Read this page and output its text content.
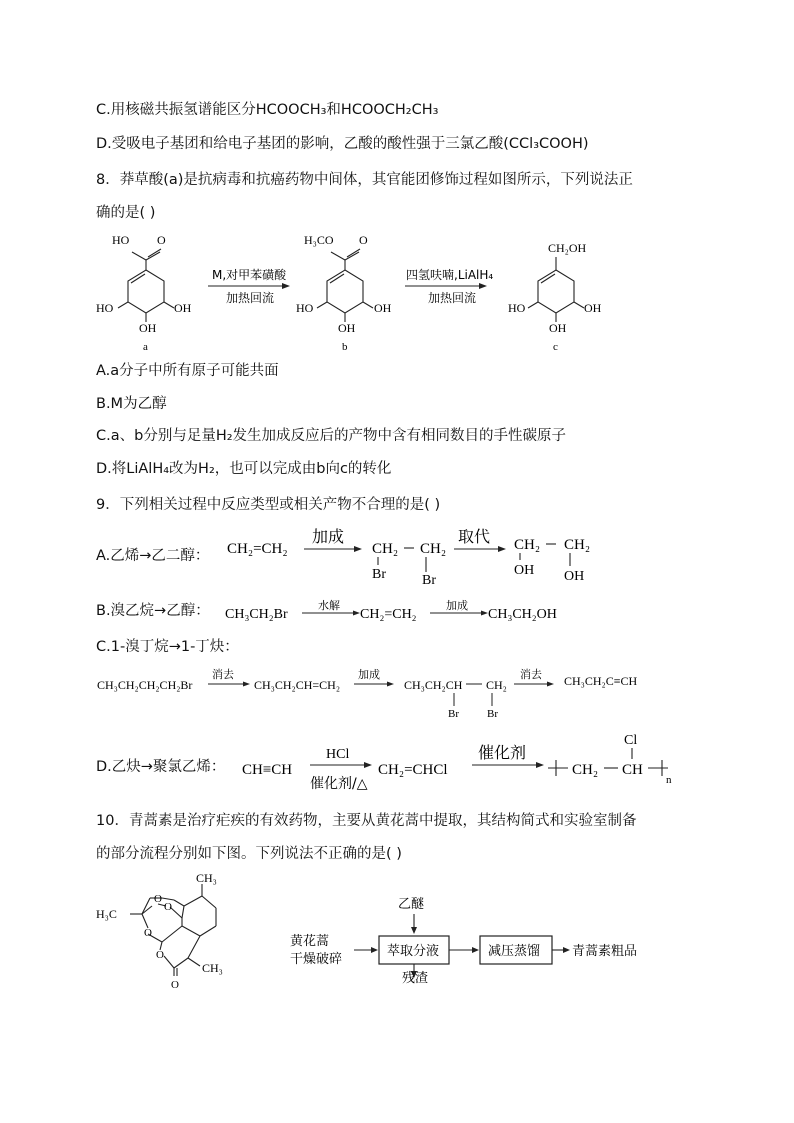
C.用核磁共振氢谱能区分HCOOCH₃和HCOOCH₂CH₃
D.受吸电子基团和给电子基团的影响，乙酸的酸性强于三氯乙酸(CCl₃COOH)
8．莽草酸(a)是抗病毒和抗癌药物中间体，其官能团修饰过程如图所示，下列说法正
确的是( )
HO O
HO	OH
OH
a
H₃CO O
HO	OH
OH
b
CH₂OH
HO	OH
OH
c
M,对甲苯磺酸
加热回流
四氢呋喃,LiAlH₄
加热回流
A.a分子中所有原子可能共面
B.M为乙醇
C.a、b分别与足量H₂发生加成反应后的产物中含有相同数目的手性碳原子
D.将LiAlH₄改为H₂，也可以完成由b向c的转化
9．下列相关过程中反应类型或相关产物不合理的是( )
A.乙烯→乙二醇： CH₂=CH₂
加成
CH₂ CH₂
Br	Br
取代 CH₂ CH₂
OH OH
B.溴乙烷→乙醇： CH₃CH₂Br
水解
CH₂=CH₂
加成
CH₃CH₂OH
C.1-溴丁烷→1-丁炔：
CH₃CH₂CH₂CH₂Br
消去
CH₃CH₂CH=CH₂
加成
CH₃CH₂CH CH₂
Br	Br
消去 CH₃CH₂C≡CH
D.乙炔→聚氯乙烯： CH≡CH
HCl
催化剂/△
CH₂=CHCl
催化剂
CH₂ CH
Cl
n
10．青蒿素是治疗疟疾的有效药物，主要从黄花蒿中提取，其结构简式和实验室制备
的部分流程分别如下图。下列说法不正确的是( )
CH₃
H₃C
O
O
O
O
CH₃
O
乙醚
黄花蒿
干燥破碎
萃取分液
残渣
减压蒸馏 青蒿素粗品
